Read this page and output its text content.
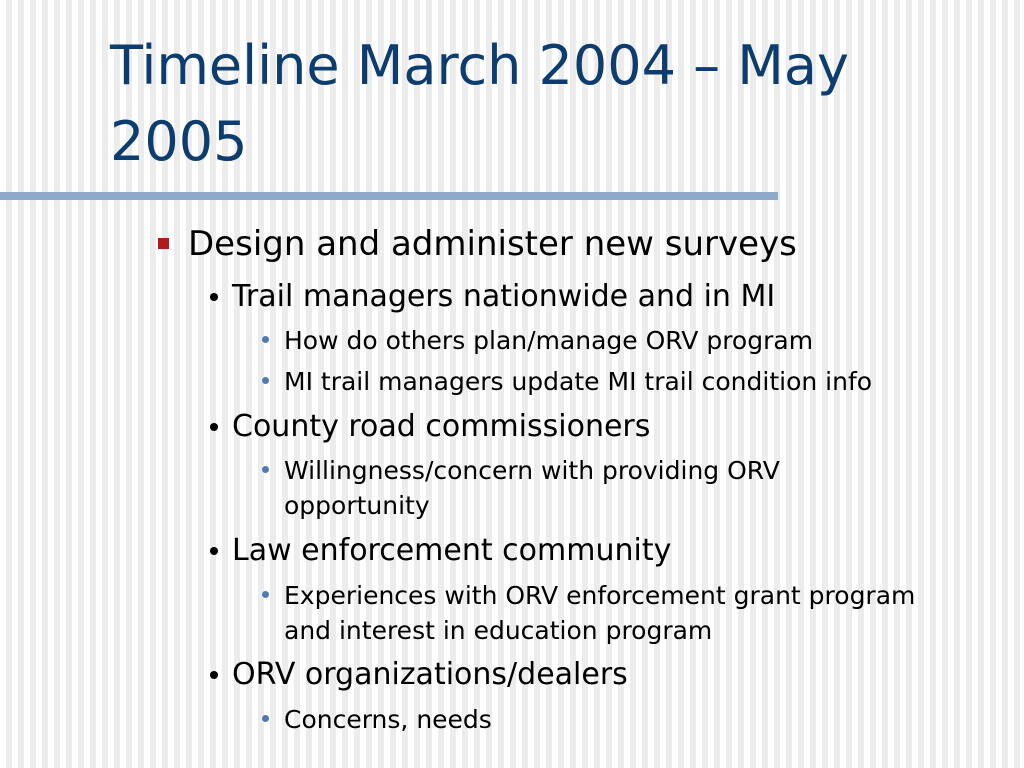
Timeline March 2004 – May 2005
Design and administer new surveys
Trail managers nationwide and in MI
How do others plan/manage ORV program
MI trail managers update MI trail condition info
County road commissioners
Willingness/concern with providing ORV opportunity
Law enforcement community
Experiences with ORV enforcement grant program and interest in education program
ORV organizations/dealers
Concerns, needs
